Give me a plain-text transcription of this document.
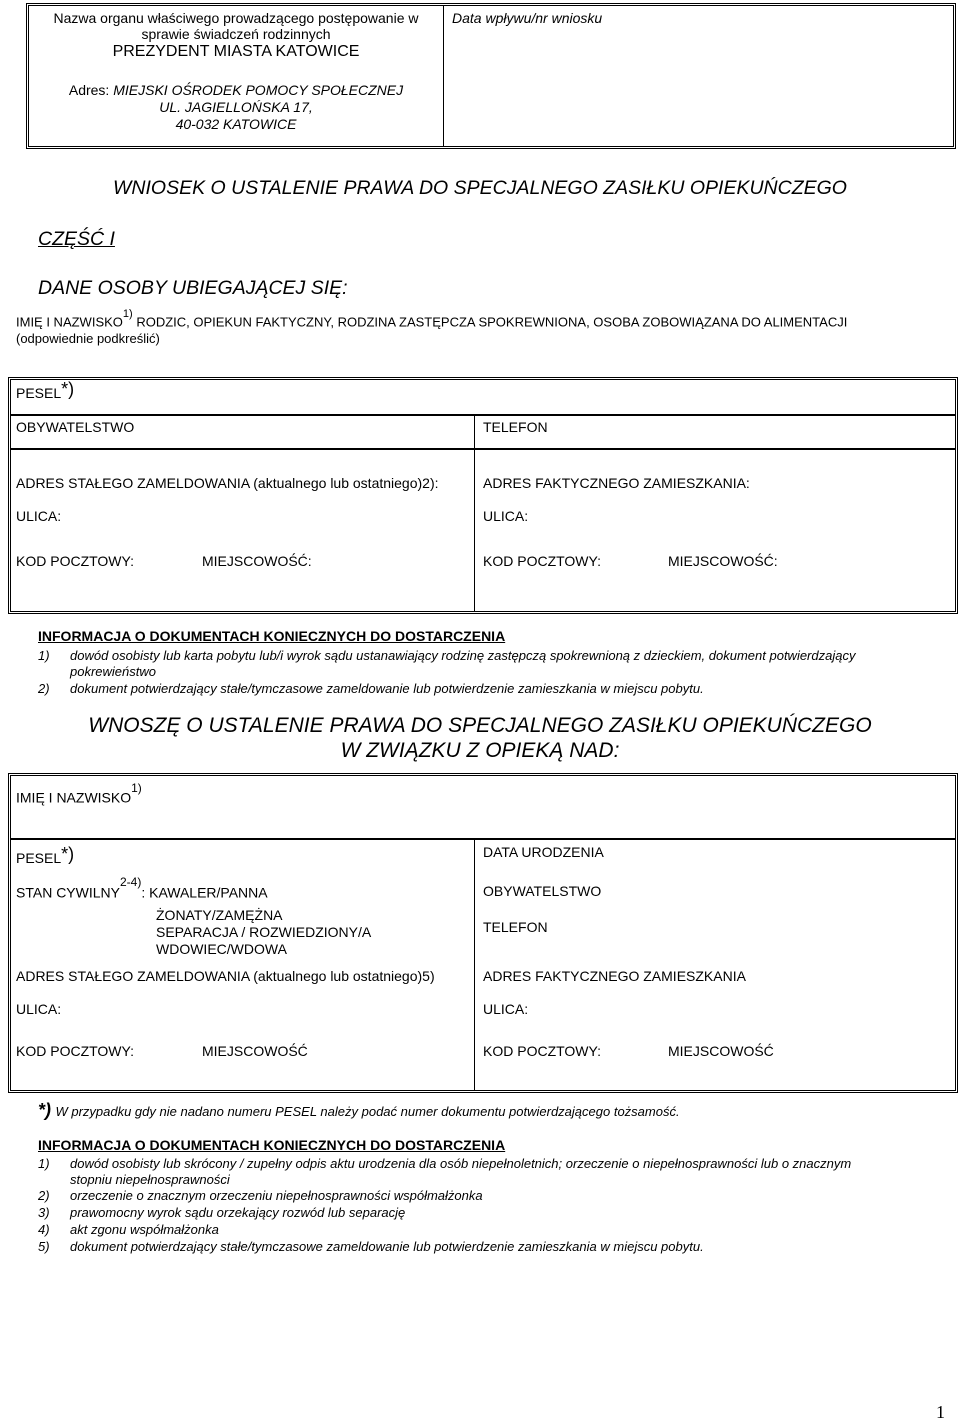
Nazwa organu właściwego prowadzącego postępowanie w
sprawie świadczeń rodzinnych
PREZYDENT MIASTA KATOWICE
Adres: MIEJSKI OŚRODEK POMOCY SPOŁECZNEJ
UL. JAGIELLOŃSKA 17,
40-032 KATOWICE
Data wpływu/nr wniosku
WNIOSEK O USTALENIE PRAWA DO SPECJALNEGO ZASIŁKU OPIEKUŃCZEGO
CZĘŚĆ I
DANE OSOBY UBIEGAJĄCEJ SIĘ:
IMIĘ I NAZWISKO$^{1)}$ RODZIC, OPIEKUN FAKTYCZNY, RODZINA ZASTĘPCZA SPOKREWNIONA, OSOBA ZOBOWIĄZANA DO ALIMENTACJI
(odpowiednie podkreślić)
PESEL*)
OBYWATELSTWO	TELEFON
ADRES STAŁEGO ZAMELDOWANIA (aktualnego lub ostatniego)2):
ULICA:
KOD POCZTOWY:	MIEJSCOWOŚĆ:
ADRES FAKTYCZNEGO ZAMIESZKANIA:
ULICA:
KOD POCZTOWY:	MIEJSCOWOŚĆ:
INFORMACJA O DOKUMENTACH KONIECZNYCH DO DOSTARCZENIA
1) dowód osobisty lub karta pobytu lub/i wyrok sądu ustanawiający rodzinę zastępczą spokrewnioną z dzieckiem, dokument potwierdzający
pokrewieństwo
2) dokument potwierdzający stałe/tymczasowe zameldowanie lub potwierdzenie zamieszkania w miejscu pobytu.
WNOSZĘ O USTALENIE PRAWA DO SPECJALNEGO ZASIŁKU OPIEKUŃCZEGO
W ZWIĄZKU Z OPIEKĄ NAD:
IMIĘ I NAZWISKO$^{1)}$
PESEL*)	DATA URODZENIA
STAN CYWILNY$^{2-4)}$: KAWALER/PANNA
ŻONATY/ZAMĘŻNA
SEPARACJA / ROZWIEDZIONY/A
WDOWIEC/WDOWA
OBYWATELSTWO
TELEFON
ADRES STAŁEGO ZAMELDOWANIA (aktualnego lub ostatniego)5)
ULICA:
KOD POCZTOWY:	MIEJSCOWOŚĆ
ADRES FAKTYCZNEGO ZAMIESZKANIA
ULICA:
KOD POCZTOWY:	MIEJSCOWOŚĆ
*) W przypadku gdy nie nadano numeru PESEL należy podać numer dokumentu potwierdzającego tożsamość.
INFORMACJA O DOKUMENTACH KONIECZNYCH DO DOSTARCZENIA
1) dowód osobisty lub skrócony / zupełny odpis aktu urodzenia dla osób niepełnoletnich; orzeczenie o niepełnosprawności lub o znacznym
stopniu niepełnosprawności
2) orzeczenie o znacznym orzeczeniu niepełnosprawności współmałżonka
3) prawomocny wyrok sądu orzekający rozwód lub separację
4) akt zgonu współmałżonka
5) dokument potwierdzający stałe/tymczasowe zameldowanie lub potwierdzenie zamieszkania w miejscu pobytu.
1
